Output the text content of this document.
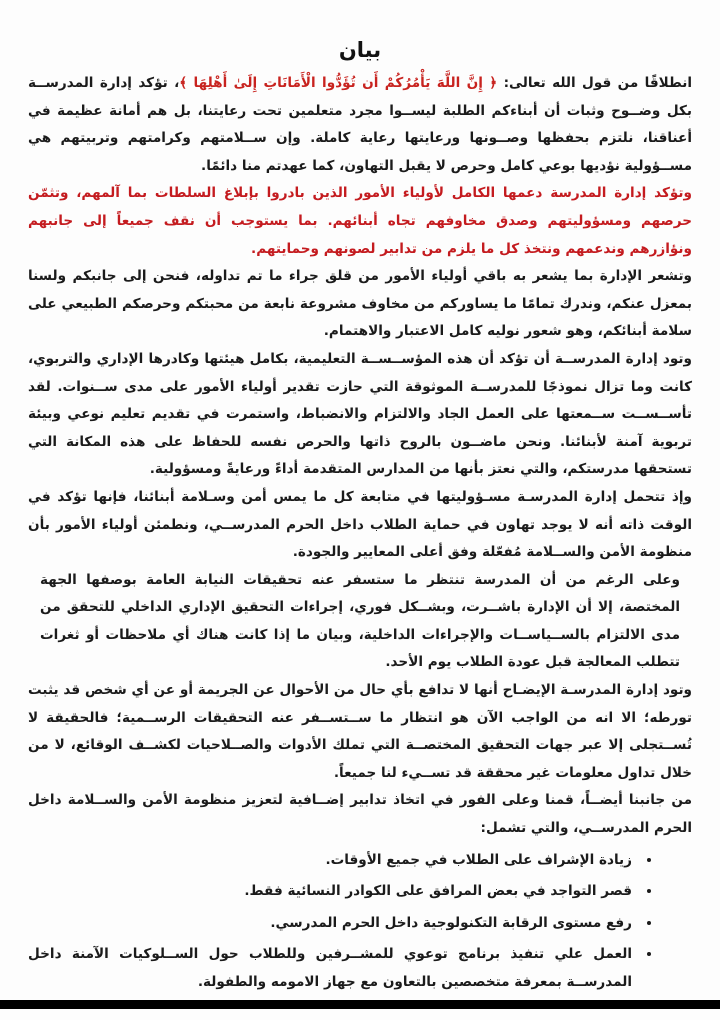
بيان

انطلاقًا من قول الله تعالى: ﴿ إِنَّ اللَّهَ يَأْمُرُكُمْ أَن تُؤَدُّوا الْأَمَانَاتِ إِلَىٰ أَهْلِهَا ﴾، تؤكد إدارة المدرســة بكل وضــوح وثبات أن أبناءكم الطلبة ليســوا مجرد متعلمين تحت رعايتنا، بل هم أمانة عظيمة في أعناقنا، نلتزم بحفظها وصــونها ورعايتها رعاية كاملة. وإن ســلامتهم وكرامتهم وتربيتهم هي مســؤولية نؤديها بوعي كامل وحرص لا يقبل التهاون، كما عهدتم منا دائمًا.

وتؤكد إدارة المدرسة دعمها الكامل لأولياء الأمور الذين بادروا بإبلاغ السلطات بما آلمهم، وتثمّن حرصهم ومسؤوليتهم وصدق مخاوفهم تجاه أبنائهم. بما يستوجب أن نقف جميعاً إلى جانبهم ونؤازرهم وندعمهم ونتخذ كل ما يلزم من تدابير لصونهم وحمايتهم.

وتشعر الإدارة بما يشعر به باقي أولياء الأمور من قلق جراء ما تم تداوله، فنحن إلى جانبكم ولسنا بمعزل عنكم، وندرك تمامًا ما يساوركم من مخاوف مشروعة نابعة من محبتكم وحرصكم الطبيعي على سلامة أبنائكم، وهو شعور نوليه كامل الاعتبار والاهتمام.

وتود إدارة المدرســة أن تؤكد أن هذه المؤســســة التعليمية، بكامل هيئتها وكادرها الإداري والتربوي، كانت وما تزال نموذجًا للمدرســة الموثوقة التي حازت تقدير أولياء الأمور على مدى ســنوات. لقد تأســســت ســمعتها على العمل الجاد والالتزام والانضباط، واستمرت في تقديم تعليم نوعي وبيئة تربوية آمنة لأبنائنا. ونحن ماضــون بالروح ذاتها والحرص نفسه للحفاظ على هذه المكانة التي تستحقها مدرستكم، والتي نعتز بأنها من المدارس المتقدمة أداءً ورعايةً ومسؤولية.

وإذ تتحمل إدارة المدرسـة مسـؤوليتها في متابعة كل ما يمس أمن وسـلامة أبنائنا، فإنها تؤكد في الوقت ذاته أنه لا يوجد تهاون في حماية الطلاب داخل الحرم المدرســي، ونطمئن أولياء الأمور بأن منظومة الأمن والســلامة مُفعّلة وفق أعلى المعايير والجودة.

وعلى الرغم من أن المدرسة تنتظر ما ستسفر عنه تحقيقات النيابة العامة بوصفها الجهة المختصة، إلا أن الإدارة باشــرت، وبشــكل فوري، إجراءات التحقيق الإداري الداخلي للتحقق من مدى الالتزام بالســياســات والإجراءات الداخلية، وبيان ما إذا كانت هناك أي ملاحظات أو ثغرات تتطلب المعالجة قبل عودة الطلاب يوم الأحد.

وتود إدارة المدرسـة الإيضـاح أنها لا تدافع بأي حال من الأحوال عن الجريمة أو عن أي شخص قد يثبت تورطه؛ الا انه من الواجب الآن هو انتظار ما ســتســفر عنه التحقيقات الرســمية؛ فالحقيقة لا تُســتجلى إلا عبر جهات التحقيق المختصــة التي تملك الأدوات والصــلاحيات لكشــف الوقائع، لا من خلال تداول معلومات غير محققة قد تســيء لنا جميعاً.

من جانبنا أيضــاً، قمنا وعلى الفور في اتخاذ تدابير إضــافية لتعزيز منظومة الأمن والســلامة داخل الحرم المدرســي، والتي تشمل:

• زيادة الإشراف على الطلاب في جميع الأوقات.
• قصر التواجد في بعض المرافق على الكوادر النسائية فقط.
• رفع مستوى الرقابة التكنولوجية داخل الحرم المدرسي.
• العمل علي تنفيذ برنامج توعوي للمشــرفين وللطلاب حول الســلوكيات الآمنة داخل المدرســة بمعرفة متخصصين بالتعاون مع جهاز الامومه والطفولة.
